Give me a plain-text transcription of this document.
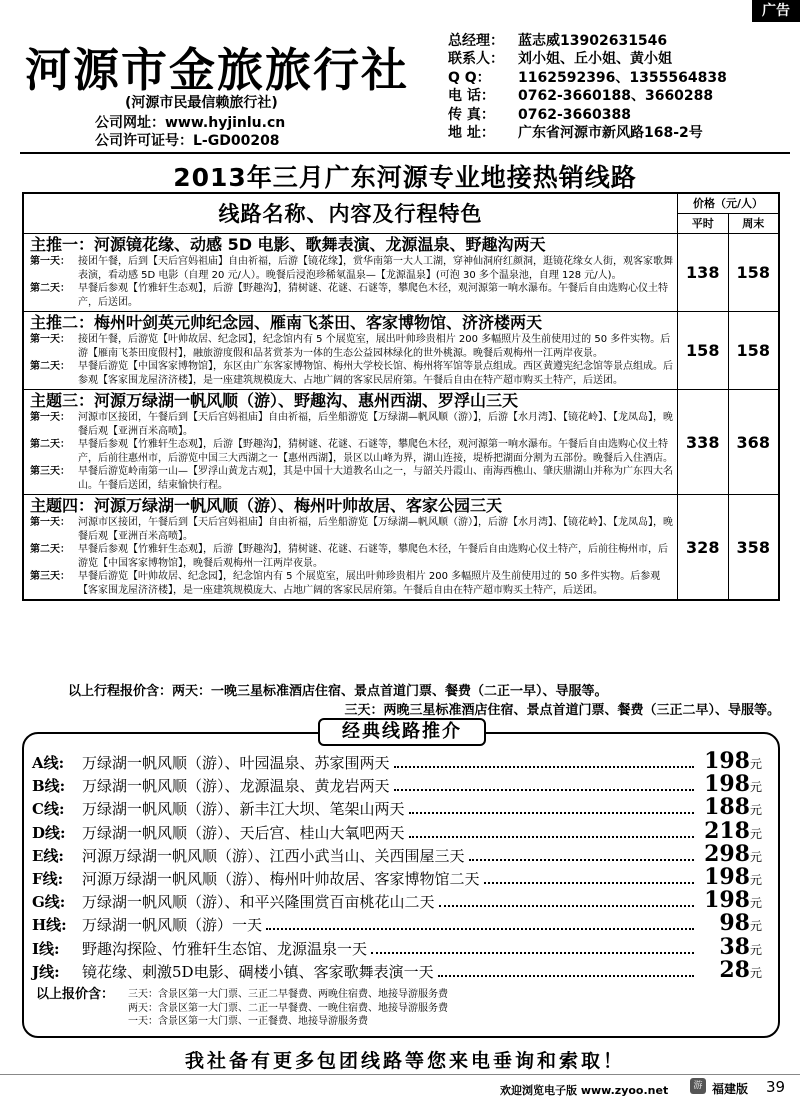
广告
河源市金旅旅行社
(河源市民最信赖旅行社)
公司网址：www.hyjinlu.cn
公司许可证号：L-GD00208
总经理：	蓝志威13902631546
联系人：	刘小姐、丘小姐、黄小姐
Q Q：	1162592396、1355564838
电 话：	0762-3660188、3660288
传 真：	0762-3660388
地 址：	广东省河源市新风路168-2号
2013年三月广东河源专业地接热销线路
线路名称、内容及行程特色	价格（元/人）
平时	周末
主推一：河源镜花缘、动感 5D 电影、歌舞表演、龙源温泉、野趣沟两天
第一天： 接团午餐，后到【天后宫妈祖庙】自由祈福，后游【镜花缘】，赏华南第一大人工湖，穿神仙洞府红颜洞，逛镜花缘女人街，观客家歌舞表演，看动感 5D 电影（自理 20 元/人）。晚餐后浸泡珍稀氡温泉—【龙源温泉】(可泡 30 多个温泉池，自理 128 元/人)。
第二天： 早餐后参观【竹雅轩生态观】，后游【野趣沟】，猜树谜、花谜、石谜等，攀爬色木径，观河源第一响水瀑布。午餐后自由选购心仪土特产，后送团。
138	158
主推二：梅州叶剑英元帅纪念园、雁南飞茶田、客家博物馆、济济楼两天
第一天： 接团午餐，后游览【叶帅故居、纪念园】，纪念馆内有 5 个展览室，展出叶帅珍贵相片 200 多幅照片及生前使用过的 50 多件实物。后游【雁南飞茶田度假村】，融旅游度假和品茗赏茶为一体的生态公益园林绿化的世外桃源。晚餐后观梅州一江两岸夜景。
第二天： 早餐后游览【中国客家博物馆】，东区由广东客家博物馆、梅州大学校长馆、梅州将军馆等景点组成。西区黄遵宪纪念馆等景点组成。后参观【客家围龙屋济济楼】，是一座建筑规模庞大、占地广阔的客家民居府第。午餐后自由在特产超市购买土特产，后送团。
158	158
主题三：河源万绿湖一帆风顺（游）、野趣沟、惠州西湖、罗浮山三天
第一天： 河源市区接团，午餐后到【天后宫妈祖庙】自由祈福，后坐船游览【万绿湖—帆风顺（游）】，后游【水月湾】、【镜花岭】、【龙凤岛】，晚餐后观【亚洲百米高喷】。
第二天： 早餐后参观【竹雅轩生态观】，后游【野趣沟】，猜树谜、花谜、石谜等，攀爬色木径，观河源第一响水瀑布。午餐后自由选购心仪土特产，后前往惠州市，后游览中国三大西湖之一【惠州西湖】，景区以山峰为界，湖山连接，堤桥把湖面分割为五部份。晚餐后入住酒店。
第三天： 早餐后游览岭南第一山—【罗浮山黄龙古观】，其是中国十大道教名山之一，与韶关丹霞山、南海西樵山、肇庆鼎湖山并称为广东四大名山。午餐后送团，结束愉快行程。
338	368
主题四：河源万绿湖一帆风顺（游）、梅州叶帅故居、客家公园三天
第一天： 河源市区接团，午餐后到【天后宫妈祖庙】自由祈福，后坐船游览【万绿湖—帆风顺（游）】，后游【水月湾】、【镜花岭】、【龙凤岛】，晚餐后观【亚洲百米高喷】。
第二天： 早餐后参观【竹雅轩生态观】，后游【野趣沟】，猜树谜、花谜、石谜等，攀爬色木径，午餐后自由选购心仪土特产，后前往梅州市，后游览【中国客家博物馆】，晚餐后观梅州一江两岸夜景。
第三天： 早餐后游览【叶帅故居、纪念园】，纪念馆内有 5 个展览室，展出叶帅珍贵相片 200 多幅照片及生前使用过的 50 多件实物。后参观【客家围龙屋济济楼】，是一座建筑规模庞大、占地广阔的客家民居府第。午餐后自由在特产超市购买土特产，后送团。
328	358
以上行程报价含：两天：一晚三星标准酒店住宿、景点首道门票、餐费（二正一早）、导服等。
三天：两晚三星标准酒店住宿、景点首道门票、餐费（三正二早）、导服等。
经典线路推介
A线:	万绿湖一帆风顺（游）、叶园温泉、苏家围两天	198 元
B线:	万绿湖一帆风顺（游）、龙源温泉、黄龙岩两天	198 元
C线:	万绿湖一帆风顺（游）、新丰江大坝、笔架山两天	188 元
D线:	万绿湖一帆风顺（游）、天后宫、桂山大氧吧两天	218 元
E线:	河源万绿湖一帆风顺（游）、江西小武当山、关西围屋三天	298 元
F线:	河源万绿湖一帆风顺（游）、梅州叶帅故居、客家博物馆二天	198 元
G线:	万绿湖一帆风顺（游）、和平兴隆围赏百亩桃花山二天	198 元
H线:	万绿湖一帆风顺（游）一天	98 元
I线:	野趣沟探险、竹雅轩生态馆、龙源温泉一天	38 元
J线:	镜花缘、刺激5D电影、碉楼小镇、客家歌舞表演一天	28 元
以上报价含：	三天：含景区第一大门票、三正二早餐费、两晚住宿费、地接导游服务费
两天：含景区第一大门票、二正一早餐费、一晚住宿费、地接导游服务费
一天：含景区第一大门票、一正餐费、地接导游服务费
我社备有更多包团线路等您来电垂询和索取！
欢迎浏览电子版 www.zyoo.net	游 福建版 39
